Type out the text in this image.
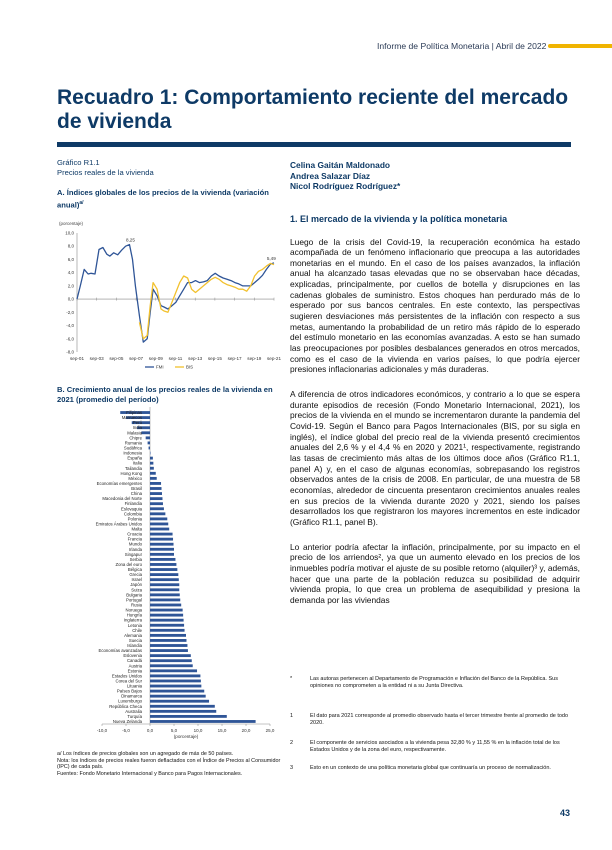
Informe de Política Monetaria | Abril de 2022
Recuadro 1: Comportamiento reciente del mercado de vivienda
Gráfico R1.1
Precios reales de la vivienda
A. Índices globales de los precios de la vivienda (variación anual)$^{a/}$
(porcentaje)
10,0
8,0
6,0
4,0
2,0
0,0
-2,0
-4,0
-6,0
-8,0
sep-01 sep-03 sep-05 sep-07 sep-09 sep-11 sep-13 sep-15 sep-17 sep-19 sep-21
8,25
5,49
FMI	BIS
B. Crecimiento anual de los precios reales de la vivienda en 2021 (promedio del período)
Filipinas
Marruecos
Perú
India
Malasia
Chipre
Rumania
Sudáfrica
Indonesia
España
Italia
Tailandia
Hong Kong
México
Economías emergentes
Brasil
China
Macedonia del Norte
Finlandia
Eslovaquia
Colombia
Polonia
Emiratos Árabes Unidos
Malta
Croacia
Francia
Mundo
Irlanda
Singapur
Serbia
Zona del euro
Bélgica
Grecia
Israel
Japón
Suiza
Bulgaria
Portugal
Rusia
Noruega
Hungría
Inglaterra
Letonia
Chile
Alemania
Suecia
Islandia
Economías avanzadas
Eslovenia
Canadá
Austria
Estonia
Estados Unidos
Corea del Sur
Lituania
Países Bajos
Dinamarca
Luxemburgo
República Checa
Australia
Turquía
Nueva Zelanda
-10,0	-5,0	0,0	5,0	10,0	15,0	20,0	25,0
(porcentaje)
a/ Los índices de precios globales son un agregado de más de 50 países.
Nota: los índices de precios reales fueron deflactados con el Índice de Precios al Consumidor (IPC) de cada país.
Fuentes: Fondo Monetario Internacional y Banco para Pagos Internacionales.
Celina Gaitán Maldonado
Andrea Salazar Díaz
Nicol Rodríguez Rodríguez*
1. El mercado de la vivienda y la política monetaria
Luego de la crisis del Covid-19, la recuperación económica ha estado acompañada de un fenómeno inflacionario que preocupa a las autoridades monetarias en el mundo. En el caso de los países avanzados, la inflación anual ha alcanzado tasas elevadas que no se observaban hace décadas, explicadas, principalmente, por cuellos de botella y disrupciones en las cadenas globales de suministro. Estos choques han perdurado más de lo esperado por sus bancos centrales. En este contexto, las perspectivas sugieren desviaciones más persistentes de la inflación con respecto a sus metas, aumentando la probabilidad de un retiro más rápido de lo esperado del estímulo monetario en las economías avanzadas. A esto se han sumado las preocupaciones por posibles desbalances generados en otros mercados, como es el caso de la vivienda en varios países, lo que podría ejercer presiones inflacionarias adicionales y más duraderas.
A diferencia de otros indicadores económicos, y contrario a lo que se espera durante episodios de recesión (Fondo Monetario Internacional, 2021), los precios de la vivienda en el mundo se incrementaron durante la pandemia del Covid-19. Según el Banco para Pagos Internacionales (BIS, por su sigla en inglés), el índice global del precio real de la vivienda presentó crecimientos anuales del 2,6 % y el 4,4 % en 2020 y 2021¹, respectivamente, registrando las tasas de crecimiento más altas de los últimos doce años (Gráfico R1.1, panel A) y, en el caso de algunas economías, sobrepasando los registros observados antes de la crisis de 2008. En particular, de una muestra de 58 economías, alrededor de cincuenta presentaron crecimientos anuales reales en sus precios de la vivienda durante 2020 y 2021, siendo los países desarrollados los que registraron los mayores incrementos en este indicador (Gráfico R1.1, panel B).
Lo anterior podría afectar la inflación, principalmente, por su impacto en el precio de los arriendos², ya que un aumento elevado en los precios de los inmuebles podría motivar el ajuste de su posible retorno (alquiler)³ y, además, hacer que una parte de la población reduzca su posibilidad de adquirir vivienda propia, lo que crea un problema de asequibilidad y presiona la demanda por las viviendas
*	Las autoras pertenecen al Departamento de Programación e Inflación del Banco de la República. Sus opiniones no comprometen a la entidad ni a su Junta Directiva.
1	El dato para 2021 corresponde al promedio observado hasta el tercer trimestre frente al promedio de todo 2020.
2	El componente de servicios asociados a la vivienda pesa 32,80 % y 11,55 % en la inflación total de los Estados Unidos y de la zona del euro, respectivamente.
3	Esto en un contexto de una política monetaria global que continuaría un proceso de normalización.
43
